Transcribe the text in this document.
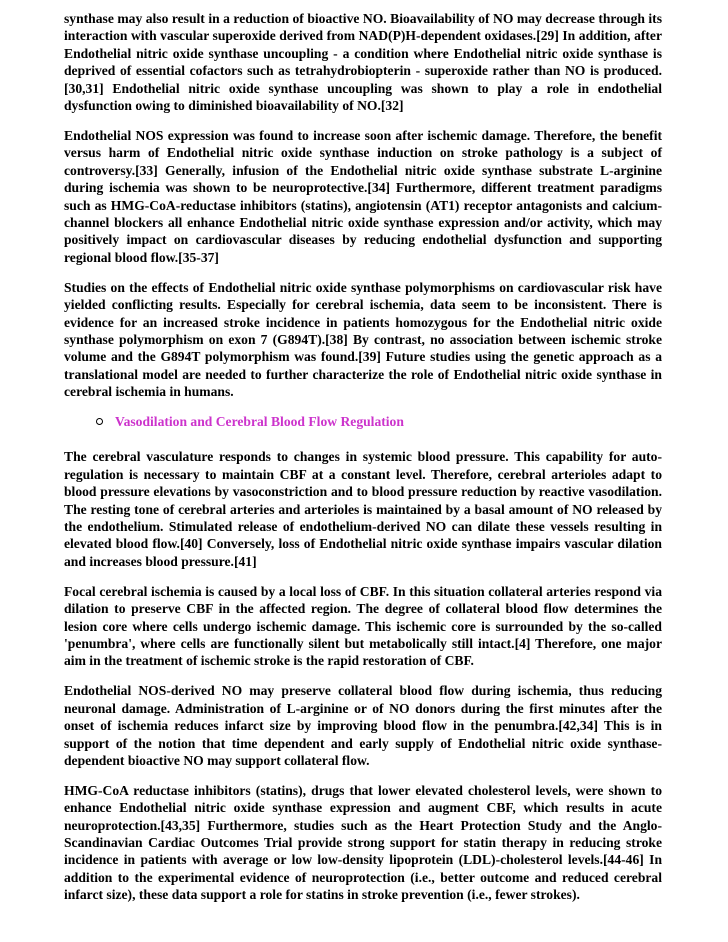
synthase may also result in a reduction of bioactive NO. Bioavailability of NO may decrease through its interaction with vascular superoxide derived from NAD(P)H-dependent oxidases.[29] In addition, after Endothelial nitric oxide synthase uncoupling - a condition where Endothelial nitric oxide synthase is deprived of essential cofactors such as tetrahydrobiopterin - superoxide rather than NO is produced.[30,31] Endothelial nitric oxide synthase uncoupling was shown to play a role in endothelial dysfunction owing to diminished bioavailability of NO.[32]

Endothelial NOS expression was found to increase soon after ischemic damage. Therefore, the benefit versus harm of Endothelial nitric oxide synthase induction on stroke pathology is a subject of controversy.[33] Generally, infusion of the Endothelial nitric oxide synthase substrate L-arginine during ischemia was shown to be neuroprotective.[34] Furthermore, different treatment paradigms such as HMG-CoA-reductase inhibitors (statins), angiotensin (AT1) receptor antagonists and calcium-channel blockers all enhance Endothelial nitric oxide synthase expression and/or activity, which may positively impact on cardiovascular diseases by reducing endothelial dysfunction and supporting regional blood flow.[35-37]

Studies on the effects of Endothelial nitric oxide synthase polymorphisms on cardiovascular risk have yielded conflicting results. Especially for cerebral ischemia, data seem to be inconsistent. There is evidence for an increased stroke incidence in patients homozygous for the Endothelial nitric oxide synthase polymorphism on exon 7 (G894T).[38] By contrast, no association between ischemic stroke volume and the G894T polymorphism was found.[39] Future studies using the genetic approach as a translational model are needed to further characterize the role of Endothelial nitric oxide synthase in cerebral ischemia in humans.

Vasodilation and Cerebral Blood Flow Regulation

The cerebral vasculature responds to changes in systemic blood pressure. This capability for auto-regulation is necessary to maintain CBF at a constant level. Therefore, cerebral arterioles adapt to blood pressure elevations by vasoconstriction and to blood pressure reduction by reactive vasodilation. The resting tone of cerebral arteries and arterioles is maintained by a basal amount of NO released by the endothelium. Stimulated release of endothelium-derived NO can dilate these vessels resulting in elevated blood flow.[40] Conversely, loss of Endothelial nitric oxide synthase impairs vascular dilation and increases blood pressure.[41]

Focal cerebral ischemia is caused by a local loss of CBF. In this situation collateral arteries respond via dilation to preserve CBF in the affected region. The degree of collateral blood flow determines the lesion core where cells undergo ischemic damage. This ischemic core is surrounded by the so-called 'penumbra', where cells are functionally silent but metabolically still intact.[4] Therefore, one major aim in the treatment of ischemic stroke is the rapid restoration of CBF.

Endothelial NOS-derived NO may preserve collateral blood flow during ischemia, thus reducing neuronal damage. Administration of L-arginine or of NO donors during the first minutes after the onset of ischemia reduces infarct size by improving blood flow in the penumbra.[42,34] This is in support of the notion that time dependent and early supply of Endothelial nitric oxide synthase-dependent bioactive NO may support collateral flow.

HMG-CoA reductase inhibitors (statins), drugs that lower elevated cholesterol levels, were shown to enhance Endothelial nitric oxide synthase expression and augment CBF, which results in acute neuroprotection.[43,35] Furthermore, studies such as the Heart Protection Study and the Anglo-Scandinavian Cardiac Outcomes Trial provide strong support for statin therapy in reducing stroke incidence in patients with average or low low-density lipoprotein (LDL)-cholesterol levels.[44-46] In addition to the experimental evidence of neuroprotection (i.e., better outcome and reduced cerebral infarct size), these data support a role for statins in stroke prevention (i.e., fewer strokes).
